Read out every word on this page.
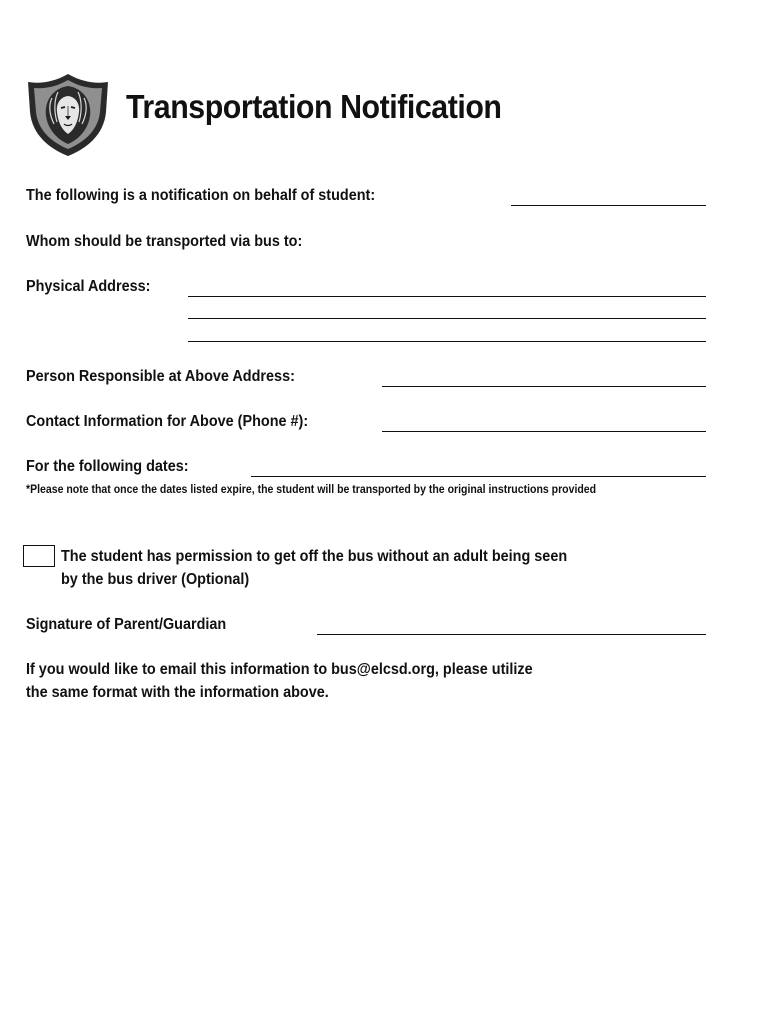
Transportation Notification
The following is a notification on behalf of student:
Whom should be transported via bus to:
Physical Address:
Person Responsible at Above Address:
Contact Information for Above (Phone #):
For the following dates:
*Please note that once the dates listed expire, the student will be transported by the original instructions provided
The student has permission to get off the bus without an adult being seen
by the bus driver (Optional)
Signature of Parent/Guardian
If you would like to email this information to bus@elcsd.org, please utilize
the same format with the information above.
